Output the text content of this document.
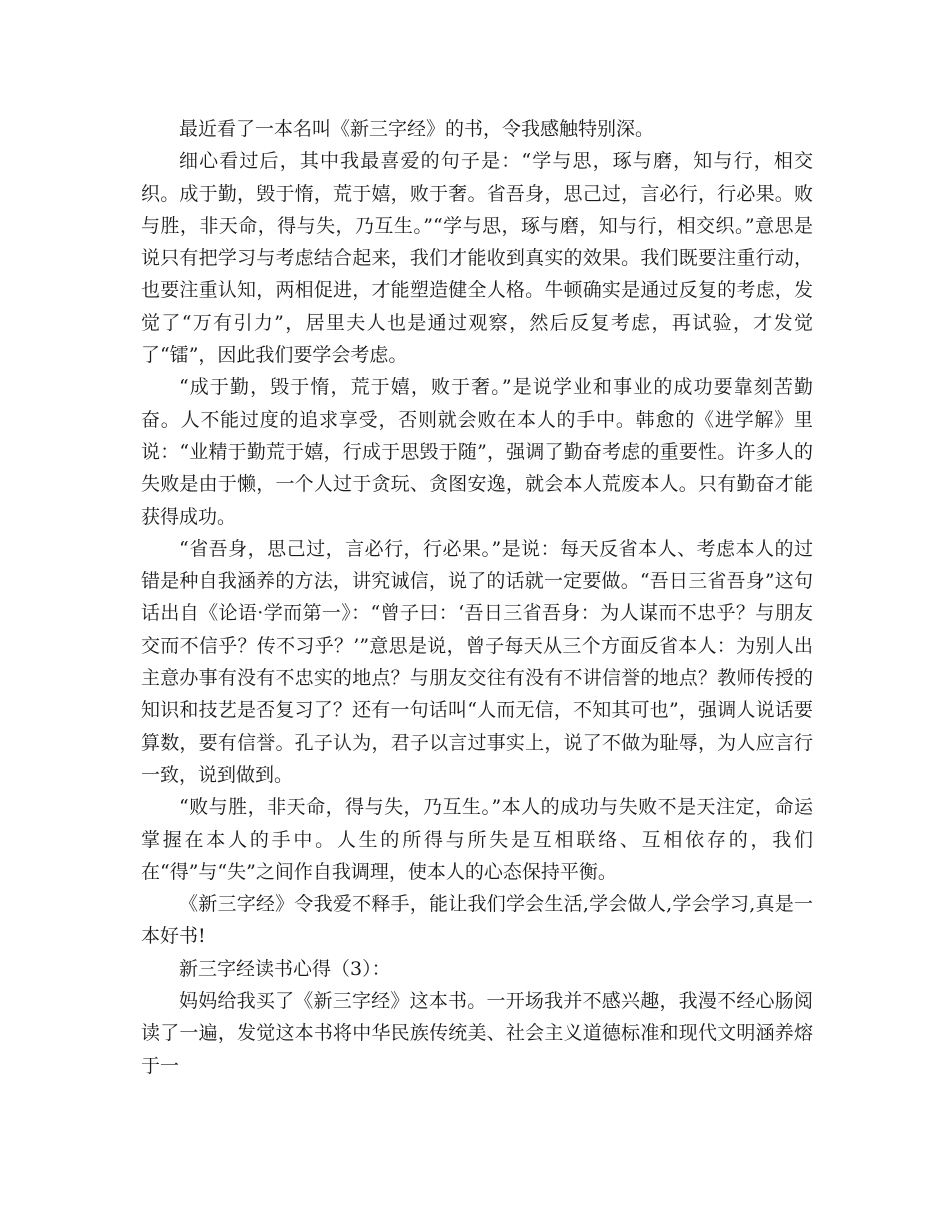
最近看了一本名叫《新三字经》的书，令我感触特别深。

细心看过后，其中我最喜爱的句子是：“学与思，琢与磨，知与行，相交织。成于勤，毁于惰，荒于嬉，败于奢。省吾身，思己过，言必行，行必果。败与胜，非天命，得与失，乃互生。”“学与思，琢与磨，知与行，相交织。”意思是说只有把学习与考虑结合起来，我们才能收到真实的效果。我们既要注重行动，也要注重认知，两相促进，才能塑造健全人格。牛顿确实是通过反复的考虑，发觉了“万有引力”，居里夫人也是通过观察，然后反复考虑，再试验，才发觉了“镭”，因此我们要学会考虑。

“成于勤，毁于惰，荒于嬉，败于奢。”是说学业和事业的成功要靠刻苦勤奋。人不能过度的追求享受，否则就会败在本人的手中。韩愈的《进学解》里说：“业精于勤荒于嬉，行成于思毁于随”，强调了勤奋考虑的重要性。许多人的失败是由于懒，一个人过于贪玩、贪图安逸，就会本人荒废本人。只有勤奋才能获得成功。

“省吾身，思己过，言必行，行必果。”是说：每天反省本人、考虑本人的过错是种自我涵养的方法，讲究诚信，说了的话就一定要做。“吾日三省吾身”这句话出自《论语·学而第一》：“曾子曰：‘吾日三省吾身：为人谋而不忠乎？与朋友交而不信乎？传不习乎？’”意思是说，曾子每天从三个方面反省本人：为别人出主意办事有没有不忠实的地点？与朋友交往有没有不讲信誉的地点？教师传授的知识和技艺是否复习了？还有一句话叫“人而无信，不知其可也”，强调人说话要算数，要有信誉。孔子认为，君子以言过事实上，说了不做为耻辱，为人应言行一致，说到做到。

“败与胜，非天命，得与失，乃互生。”本人的成功与失败不是天注定，命运掌握在本人的手中。人生的所得与所失是互相联络、互相依存的，我们在“得”与“失”之间作自我调理，使本人的心态保持平衡。

《新三字经》令我爱不释手，能让我们学会生活,学会做人,学会学习,真是一本好书!

新三字经读书心得（3）：

妈妈给我买了《新三字经》这本书。一开场我并不感兴趣，我漫不经心肠阅读了一遍，发觉这本书将中华民族传统美、社会主义道德标准和现代文明涵养熔于一
